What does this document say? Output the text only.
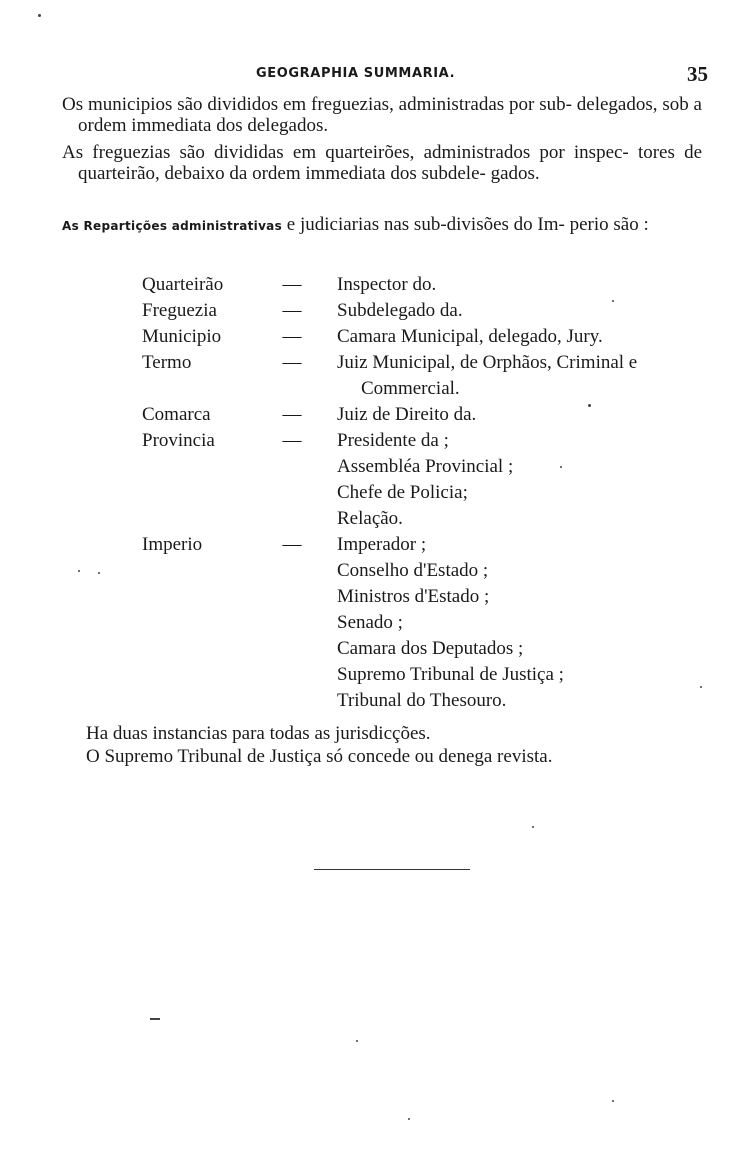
GEOGRAPHIA SUMMARIA.	35
Os municipios são divididos em freguezias, administradas por sub- delegados, sob a ordem immediata dos delegados.
As freguezias são divididas em quarteirões, administrados por inspec- tores de quarteirão, debaixo da ordem immediata dos subdele- gados.
As Repartições administrativas e judiciarias nas sub-divisões do Im- perio são :
Quarteirão	—	Inspector do.
Freguezia	—	Subdelegado da.
Municipio	—	Camara Municipal, delegado, Jury.
Termo	—	Juiz Municipal, de Orphãos, Criminal e
Commercial.
Comarca	—	Juiz de Direito da.
Provincia	—	Presidente da ;
Assembléa Provincial ;
Chefe de Policia;
Relação.
Imperio	—	Imperador ;
Conselho d'Estado ;
Ministros d'Estado ;
Senado ;
Camara dos Deputados ;
Supremo Tribunal de Justiça ;
Tribunal do Thesouro.
Ha duas instancias para todas as jurisdicções.
O Supremo Tribunal de Justiça só concede ou denega revista.
